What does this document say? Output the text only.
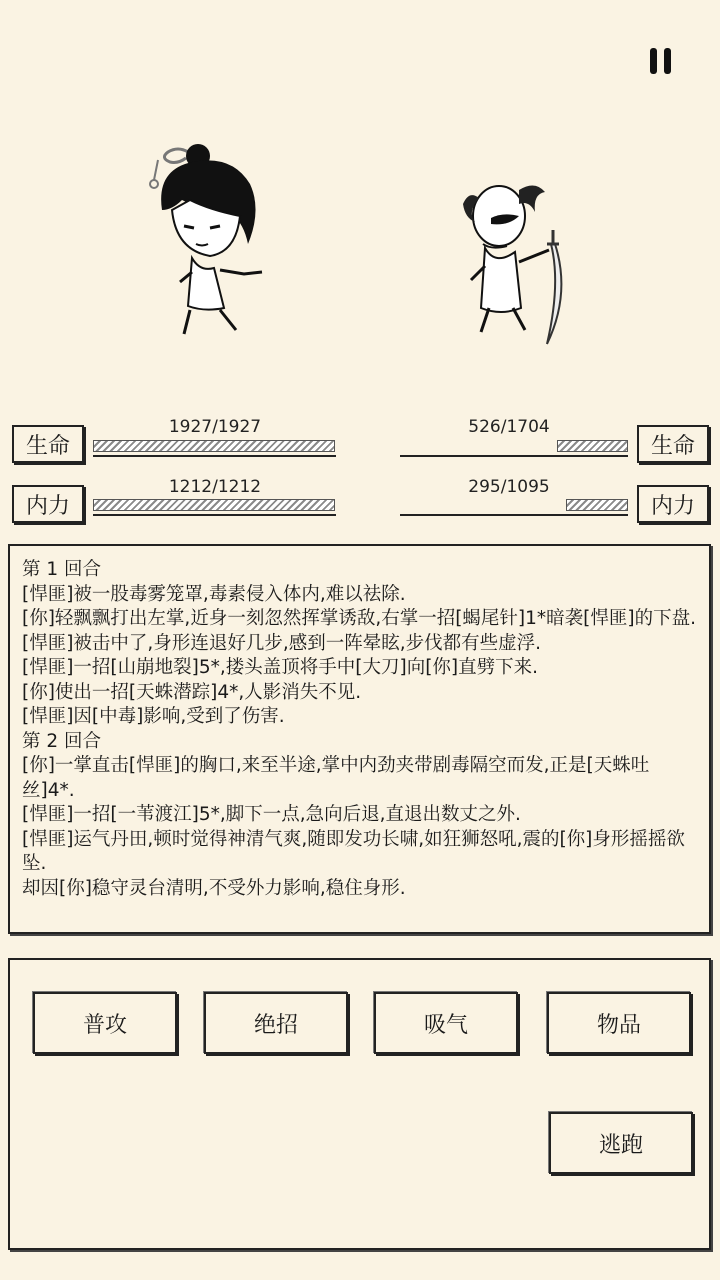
生命
1927/1927
内力
1212/1212
生命
526/1704
内力
295/1095

第 1 回合

[悍匪]被一股毒雾笼罩,毒素侵入体内,难以祛除.

[你]轻飘飘打出左掌,近身一刻忽然挥掌诱敌,右掌一招[蝎尾针]1*暗袭[悍匪]的下盘.

[悍匪]被击中了,身形连退好几步,感到一阵晕眩,步伐都有些虚浮.

[悍匪]一招[山崩地裂]5*,搂头盖顶将手中[大刀]向[你]直劈下来.

[你]使出一招[天蛛潜踪]4*,人影消失不见.

[悍匪]因[中毒]影响,受到了伤害.

第 2 回合

[你]一掌直击[悍匪]的胸口,来至半途,掌中内劲夹带剧毒隔空而发,正是[天蛛吐丝]4*.

[悍匪]一招[一苇渡江]5*,脚下一点,急向后退,直退出数丈之外.

[悍匪]运气丹田,顿时觉得神清气爽,随即发功长啸,如狂狮怒吼,震的[你]身形摇摇欲坠.

却因[你]稳守灵台清明,不受外力影响,稳住身形.

普攻	绝招	吸气	物品
逃跑
